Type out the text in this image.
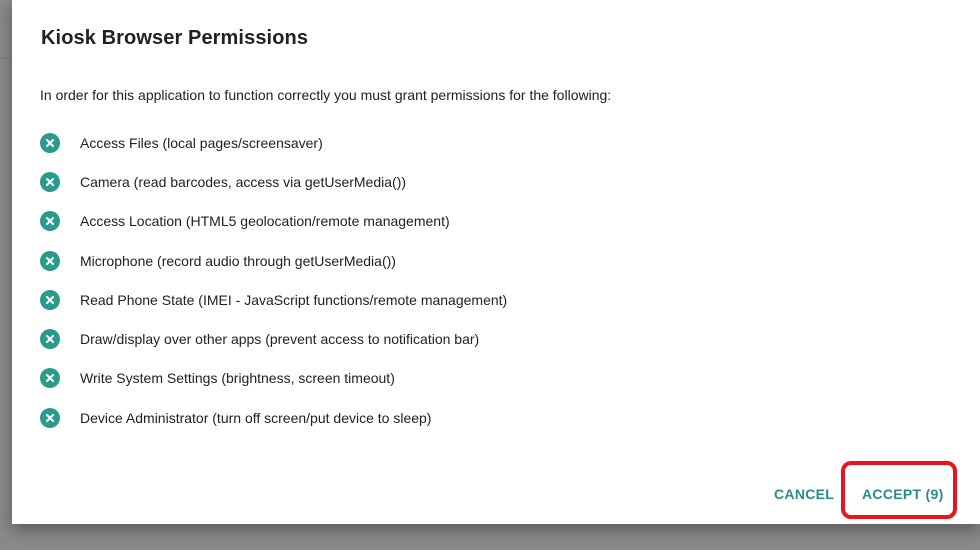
Kiosk Browser Permissions
In order for this application to function correctly you must grant permissions for the following:
Access Files (local pages/screensaver)
Camera (read barcodes, access via getUserMedia())
Access Location (HTML5 geolocation/remote management)
Microphone (record audio through getUserMedia())
Read Phone State (IMEI - JavaScript functions/remote management)
Draw/display over other apps (prevent access to notification bar)
Write System Settings (brightness, screen timeout)
Device Administrator (turn off screen/put device to sleep)
CANCEL ACCEPT (9)
